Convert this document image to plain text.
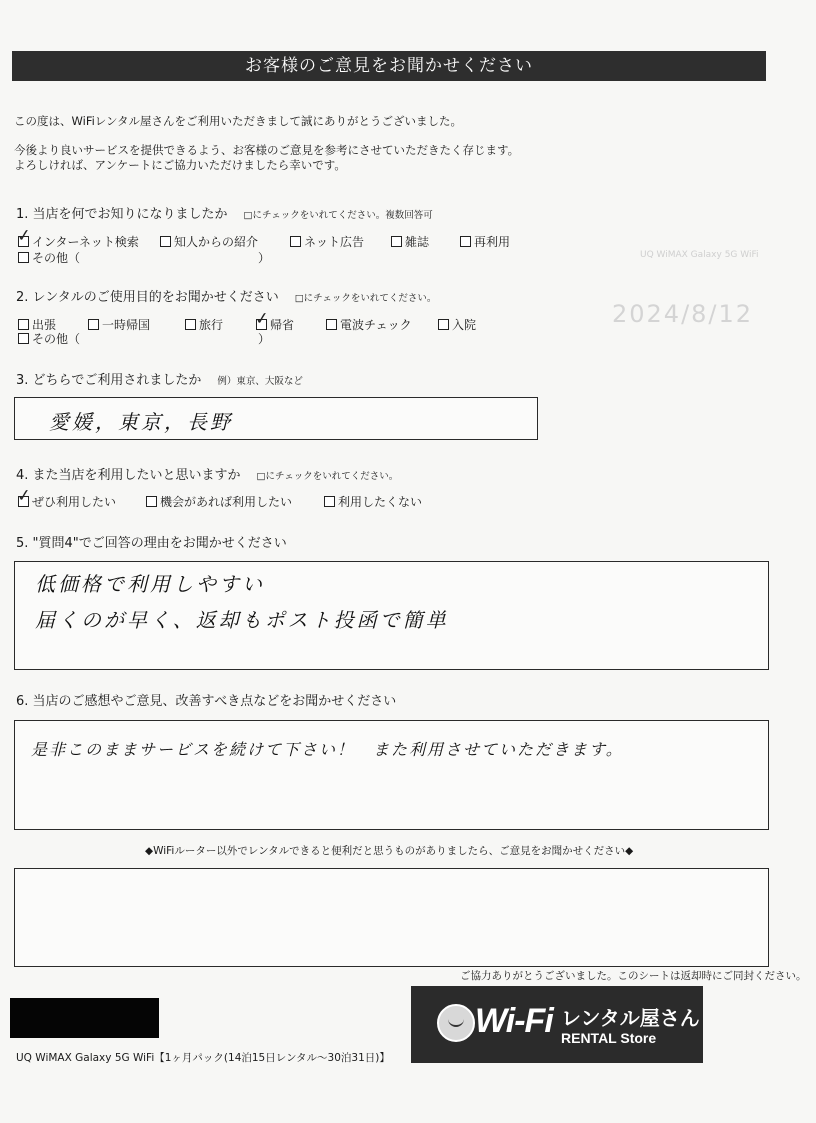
2024/8/12
UQ WiMAX Galaxy 5G WiFi
お客様のご意見をお聞かせください
この度は、WiFiレンタル屋さんをご利用いただきまして誠にありがとうございました。
今後より良いサービスを提供できるよう、お客様のご意見を参考にさせていただきたく存じます。
よろしければ、アンケートにご協力いただけましたら幸いです。
1. 当店を何でお知りになりましたか □にチェックをいれてください。複数回答可
✓ インターネット検索	知人からの紹介	ネット広告	雑誌	再利用
その他（	）
2. レンタルのご使用目的をお聞かせください □にチェックをいれてください。
出張	一時帰国	旅行 ✓ 帰省	電波チェック	入院
その他（	）
3. どちらでご利用されましたか 例）東京、大阪など
愛媛，東京，長野
4. また当店を利用したいと思いますか □にチェックをいれてください。
✓ ぜひ利用したい	機会があれば利用したい	利用したくない
5. "質問4"でご回答の理由をお聞かせください
低価格で利用しやすい
届くのが早く、返却もポスト投函で簡単
6. 当店のご感想やご意見、改善すべき点などをお聞かせください
是非このままサービスを続けて下さい！　また利用させていただきます。
◆WiFiルーター以外でレンタルできると便利だと思うものがありましたら、ご意見をお聞かせください◆
ご協力ありがとうございました。このシートは返却時にご同封ください。
Wi-Fi レンタル屋さん
RENTAL Store
UQ WiMAX Galaxy 5G WiFi【1ヶ月パック(14泊15日レンタル～30泊31日)】
